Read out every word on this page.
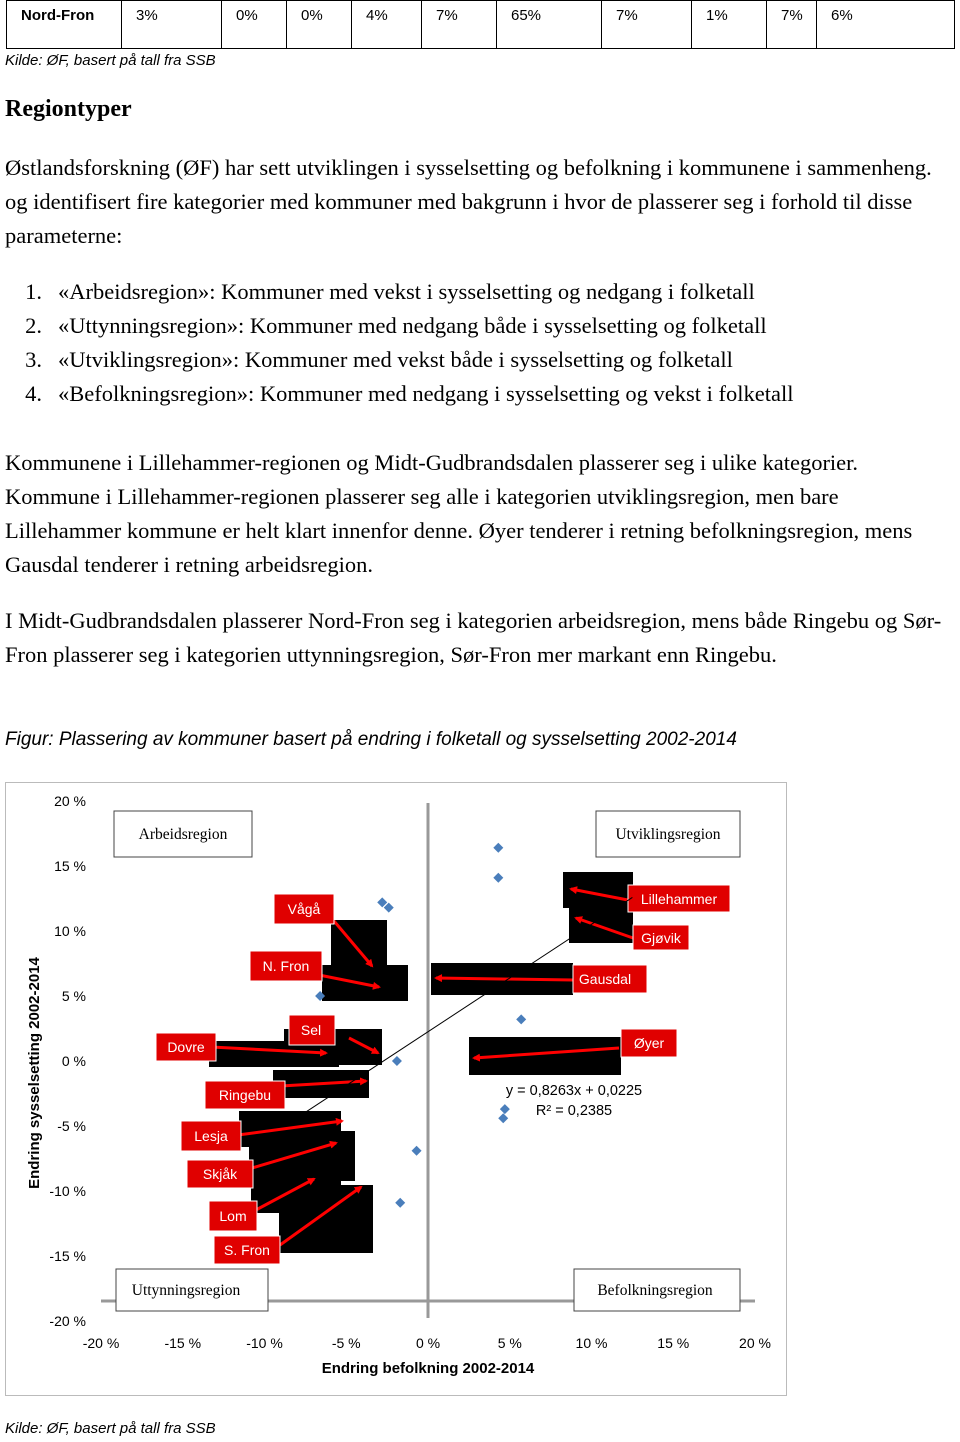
Nord-Fron	3%	0%	0%	4%	7%	65%	7%	1%	7%	6%
Kilde: ØF, basert på tall fra SSB
Regiontyper

Østlandsforskning (ØF) har sett utviklingen i sysselsetting og befolkning i kommunene i sammenheng. og identifisert fire kategorier med kommuner med bakgrunn i hvor de plasserer seg i forhold til disse parameterne:

1. «Arbeidsregion»: Kommuner med vekst i sysselsetting og nedgang i folketall
2. «Uttynningsregion»: Kommuner med nedgang både i sysselsetting og folketall
3. «Utviklingsregion»: Kommuner med vekst både i sysselsetting og folketall
4. «Befolkningsregion»: Kommuner med nedgang i sysselsetting og vekst i folketall

Kommunene i Lillehammer-regionen og Midt-Gudbrandsdalen plasserer seg i ulike kategorier. Kommune i Lillehammer-regionen plasserer seg alle i kategorien utviklingsregion, men bare Lillehammer kommune er helt klart innenfor denne. Øyer tenderer i retning befolkningsregion, mens Gausdal tenderer i retning arbeidsregion.

I Midt-Gudbrandsdalen plasserer Nord-Fron seg i kategorien arbeidsregion, mens både Ringebu og Sør-Fron plasserer seg i kategorien uttynningsregion, Sør-Fron mer markant enn Ringebu.

Figur: Plassering av kommuner basert på endring i folketall og sysselsetting 2002-2014
Arbeidsregion	Utviklingsregion
Uttynningsregion	Befolkningsregion
Lillehammer
Gjøvik
Vågå
N. Fron
Gausdal
Sel
Øyer
Dovre
Ringebu
Lesja
Skjåk
Lom
S. Fron
y = 0,8263x + 0,0225
R² = 0,2385
Endring befolkning 2002-2014
Endring sysselsetting 2002-2014
-20 %	-15 %	-10 %	-5 %	0 %	5 %	10 %	15 %	20 %
20 %
15 %
10 %
5 %
0 %
-5 %
-10 %
-15 %
-20 %
Kilde: ØF, basert på tall fra SSB
